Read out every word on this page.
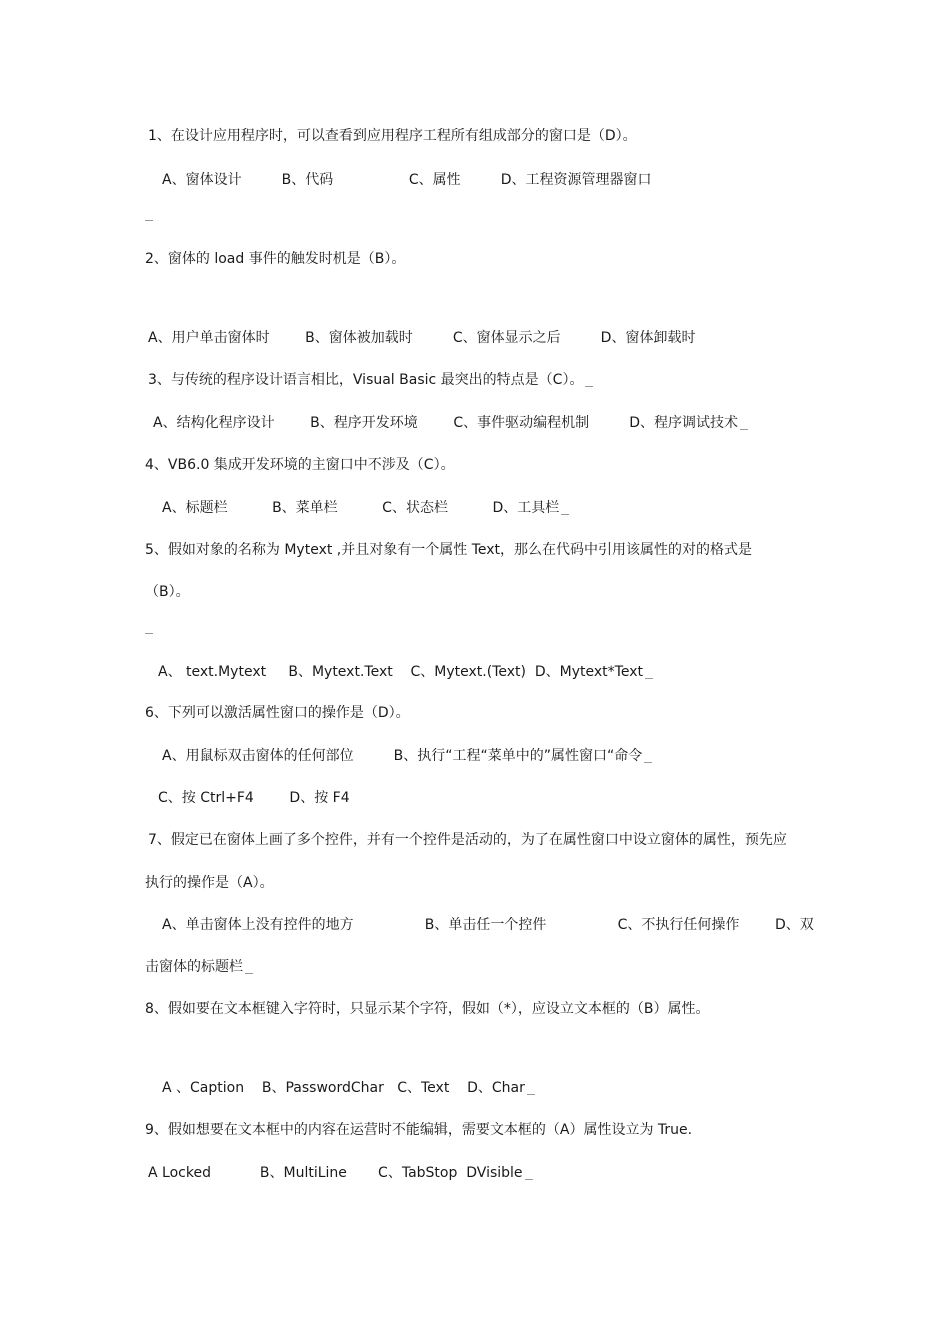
1、在设计应用程序时，可以查看到应用程序工程所有组成部分的窗口是（D）。
A、窗体设计         B、代码                 C、属性         D、工程资源管理器窗口
2、窗体的 load 事件的触发时机是（B）。
A、用户单击窗体时        B、窗体被加载时         C、窗体显示之后         D、窗体卸载时
3、与传统的程序设计语言相比，Visual Basic 最突出的特点是（C）。
A、结构化程序设计        B、程序开发环境        C、事件驱动编程机制         D、程序调试技术
4、VB6.0 集成开发环境的主窗口中不涉及（C）。
A、标题栏          B、菜单栏          C、状态栏          D、工具栏
5、假如对象的名称为 Mytext ,并且对象有一个属性 Text，那么在代码中引用该属性的对的格式是
（B）。
A、 text.Mytext     B、Mytext.Text    C、Mytext.(Text)  D、Mytext*Text
6、下列可以激活属性窗口的操作是（D）。
A、用鼠标双击窗体的任何部位         B、执行“工程“菜单中的”属性窗口“命令
C、按 Ctrl+F4        D、按 F4
7、假定已在窗体上画了多个控件，并有一个控件是活动的，为了在属性窗口中设立窗体的属性，预先应
执行的操作是（A）。
A、单击窗体上没有控件的地方                B、单击任一个控件                C、不执行任何操作        D、双
击窗体的标题栏
8、假如要在文本框键入字符时，只显示某个字符，假如（*），应设立文本框的（B）属性。
A 、Caption    B、PasswordChar   C、Text    D、Char
9、假如想要在文本框中的内容在运营时不能编辑，需要文本框的（A）属性设立为 True.
A Locked           B、MultiLine       C、TabStop  DVisible
